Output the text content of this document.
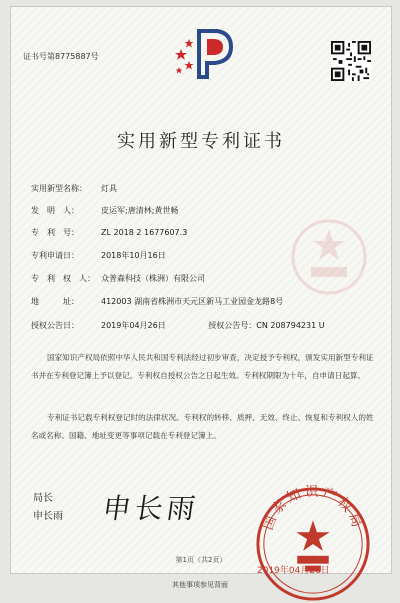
证书号第8775887号
实用新型专利证书
实用新型名称： 灯具
发　明　人：	皮运军;唐清林;黄世畅
专　利　号：	ZL 2018 2 1677607.3
专利申请日：	2018年10月16日
专　利　权　人： 众普森科技（株洲）有限公司
地　　　址：	412003 湖南省株洲市天元区新马工业园金龙路8号
授权公告日：	2019年04月26日	授权公告号：CN 208794231 U
国家知识产权局依照中华人民共和国专利法经过初步审查，决定授予专利权，颁发实用新型专利证书并在专利登记簿上予以登记。专利权自授权公告之日起生效。专利权期限为十年，自申请日起算。
专利证书记载专利权登记时的法律状况。专利权的转移、质押、无效、终止、恢复和专利权人的姓名或名称、国籍、地址变更等事项记载在专利登记簿上。
局长
申长雨 申长雨	国家知识产权局
2019年04月26日
第1页（共2页）
其他事项参见背面
